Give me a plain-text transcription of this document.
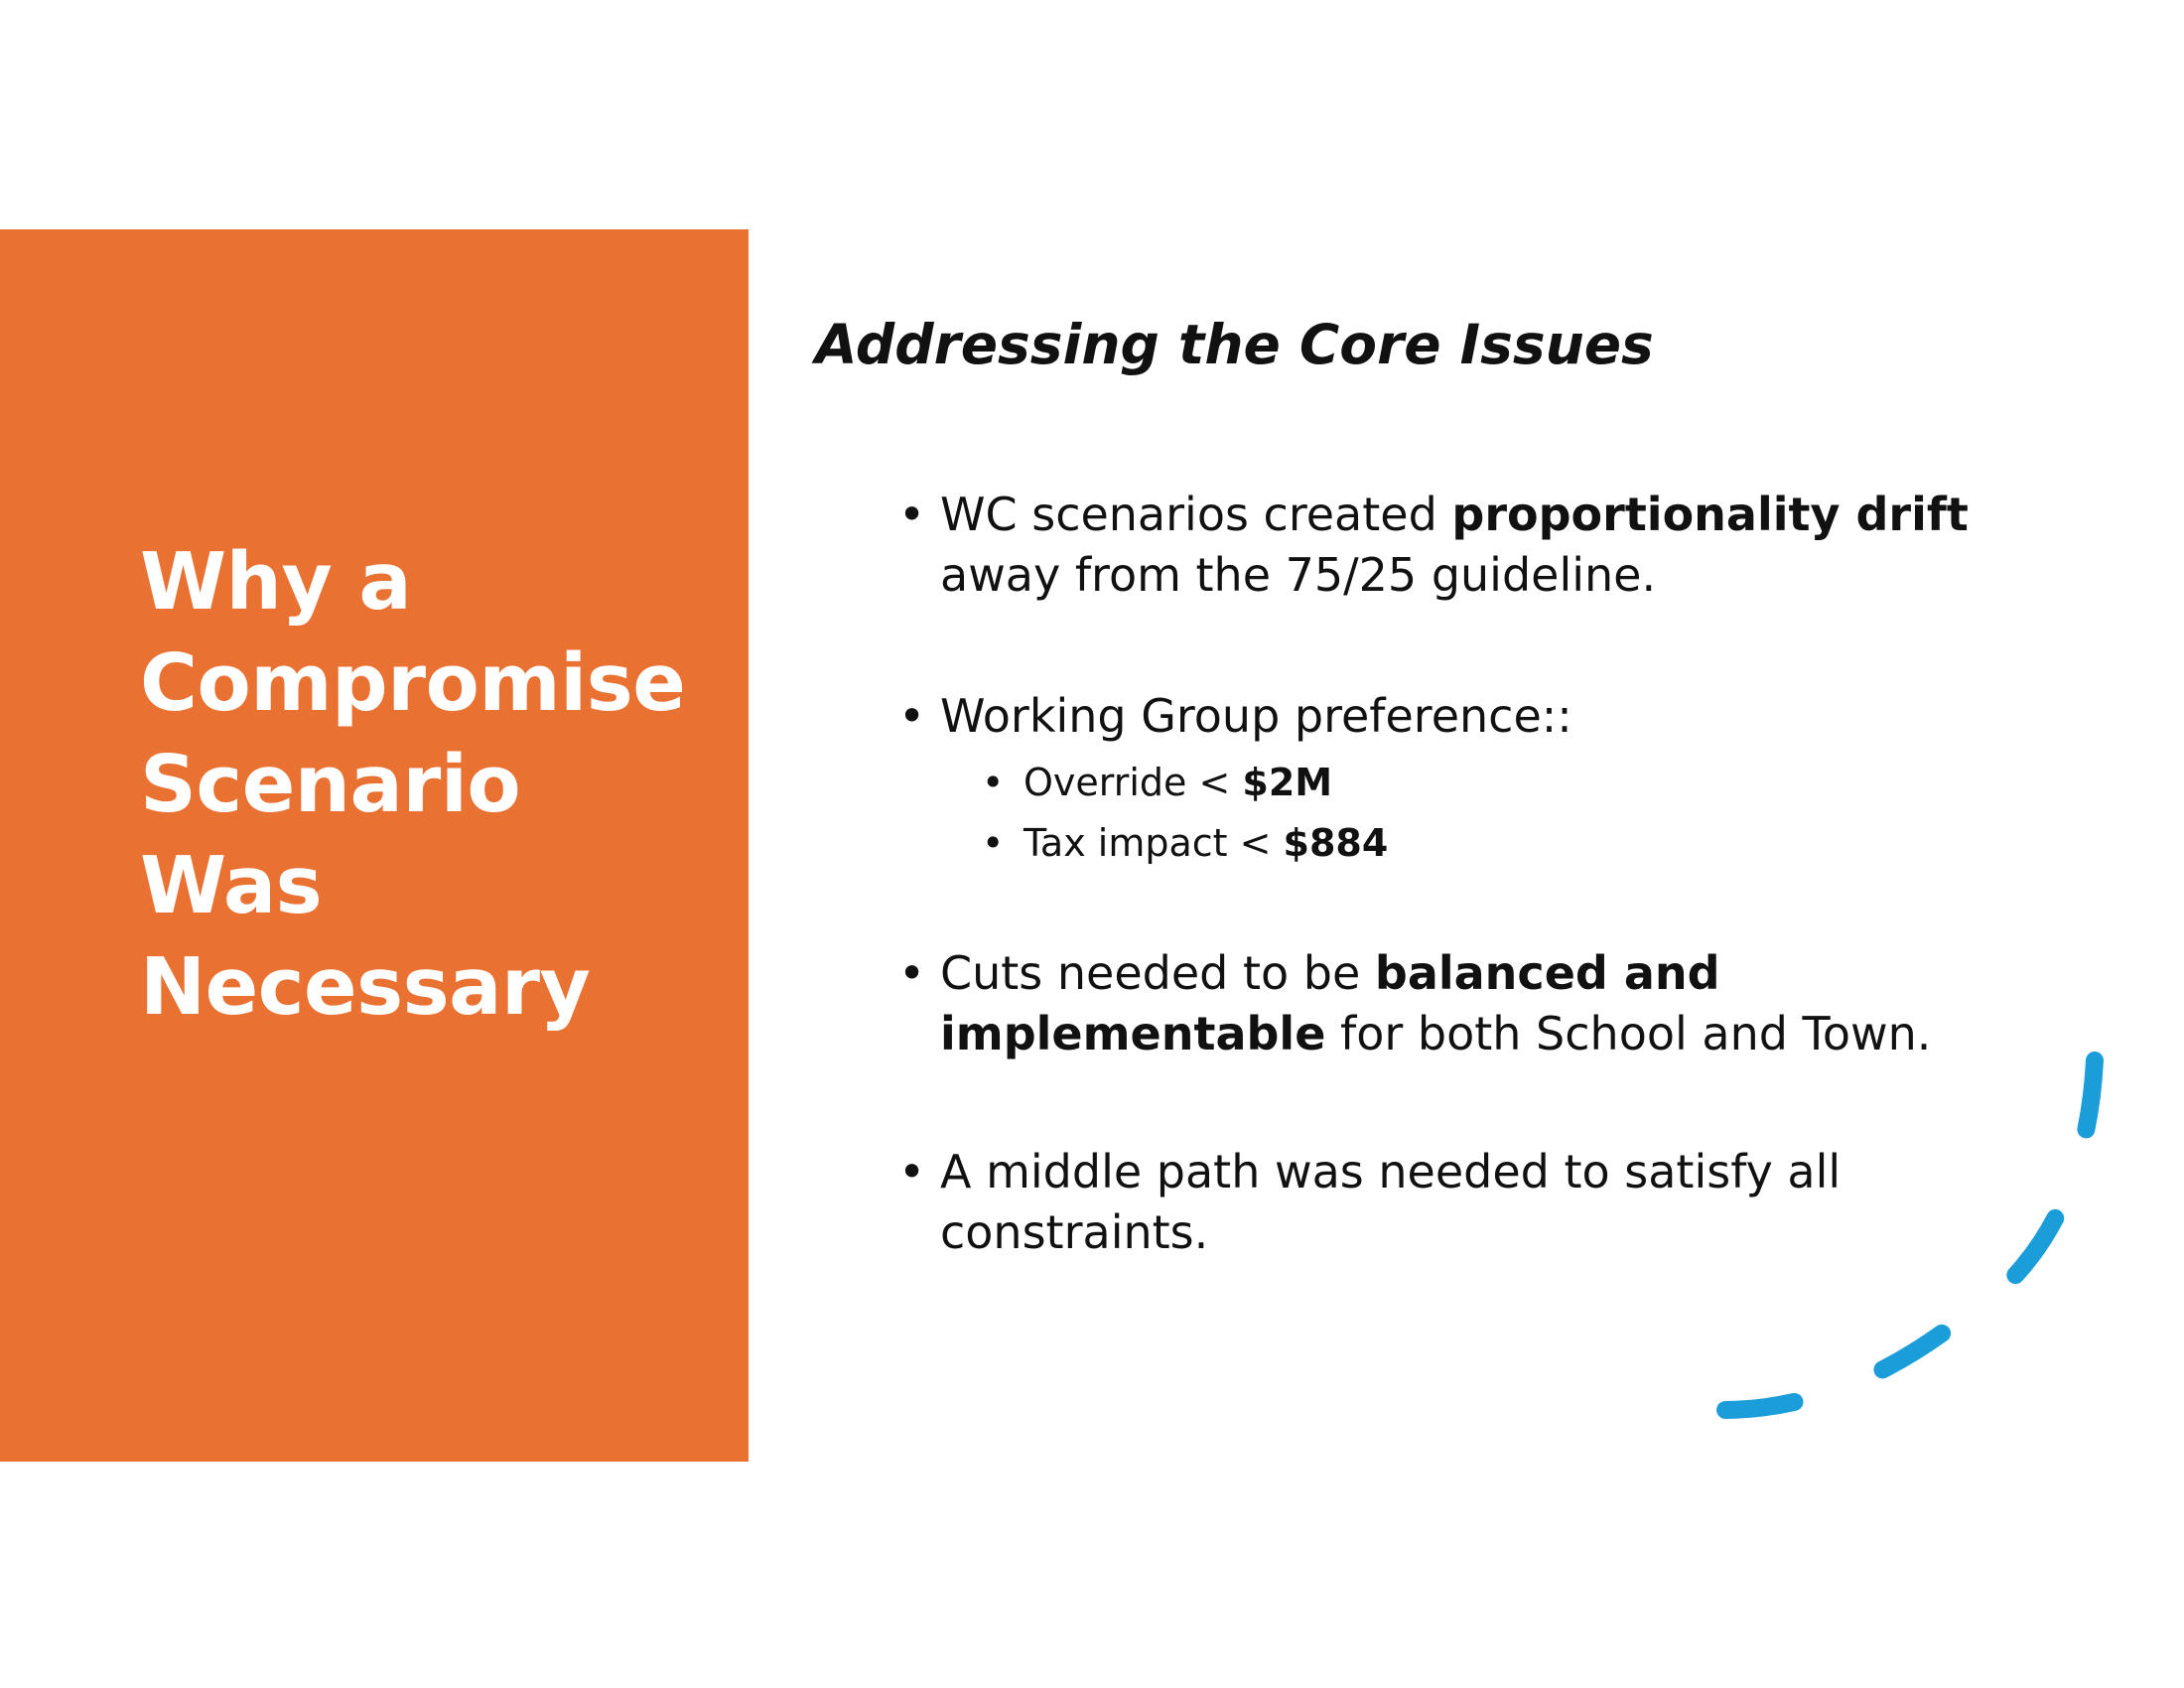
Why a
Compromise
Scenario
Was
Necessary
Addressing the Core Issues
• WC scenarios created proportionality drift
away from the 75/25 guideline.
• Working Group preference::
• Override < $2M
• Tax impact < $884
• Cuts needed to be balanced and
implementable for both School and Town.
• A middle path was needed to satisfy all
constraints.
